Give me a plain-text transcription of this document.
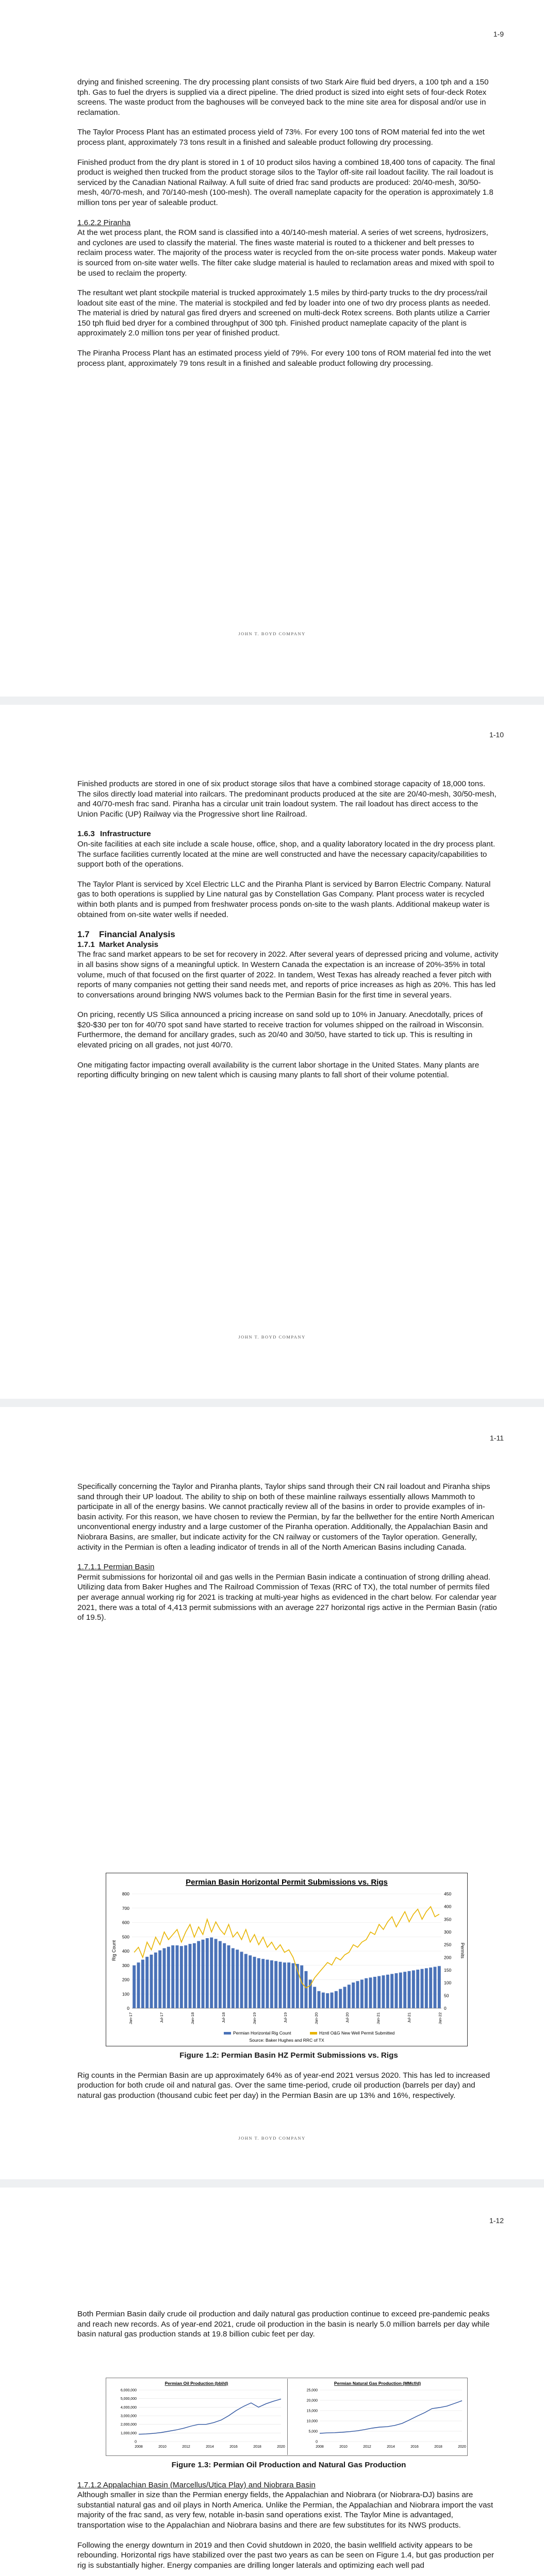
1-9

drying and finished screening. The dry processing plant consists of two Stark Aire fluid bed dryers, a 100 tph and a 150 tph. Gas to fuel the dryers is supplied via a direct pipeline. The dried product is sized into eight sets of four-deck Rotex screens. The waste product from the baghouses will be conveyed back to the mine site area for disposal and/or use in reclamation.

The Taylor Process Plant has an estimated process yield of 73%. For every 100 tons of ROM material fed into the wet process plant, approximately 73 tons result in a finished and saleable product following dry processing.

Finished product from the dry plant is stored in 1 of 10 product silos having a combined 18,400 tons of capacity. The final product is weighed then trucked from the product storage silos to the Taylor off-site rail loadout facility. The rail loadout is serviced by the Canadian National Railway. A full suite of dried frac sand products are produced: 20/40-mesh, 30/50-mesh, 40/70-mesh, and 70/140-mesh (100-mesh). The overall nameplate capacity for the operation is approximately 1.8 million tons per year of saleable product.

1.6.2.2 Piranha

At the wet process plant, the ROM sand is classified into a 40/140-mesh material. A series of wet screens, hydrosizers, and cyclones are used to classify the material. The fines waste material is routed to a thickener and belt presses to reclaim process water. The majority of the process water is recycled from the on-site process water ponds. Makeup water is sourced from on-site water wells. The filter cake sludge material is hauled to reclamation areas and mixed with spoil to be used to reclaim the property.

The resultant wet plant stockpile material is trucked approximately 1.5 miles by third-party trucks to the dry process/rail loadout site east of the mine. The material is stockpiled and fed by loader into one of two dry process plants as needed. The material is dried by natural gas fired dryers and screened on multi-deck Rotex screens. Both plants utilize a Carrier 150 tph fluid bed dryer for a combined throughput of 300 tph. Finished product nameplate capacity of the plant is approximately 2.0 million tons per year of finished product.

The Piranha Process Plant has an estimated process yield of 79%. For every 100 tons of ROM material fed into the wet process plant, approximately 79 tons result in a finished and saleable product following dry processing.

JOHN T. BOYD COMPANY
1-10

Finished products are stored in one of six product storage silos that have a combined storage capacity of 18,000 tons. The silos directly load material into railcars. The predominant products produced at the site are 20/40-mesh, 30/50-mesh, and 40/70-mesh frac sand. Piranha has a circular unit train loadout system. The rail loadout has direct access to the Union Pacific (UP) Railway via the Progressive short line Railroad.

1.6.3 Infrastructure

On-site facilities at each site include a scale house, office, shop, and a quality laboratory located in the dry process plant. The surface facilities currently located at the mine are well constructed and have the necessary capacity/capabilities to support both of the operations.

The Taylor Plant is serviced by Xcel Electric LLC and the Piranha Plant is serviced by Barron Electric Company. Natural gas to both operations is supplied by Line natural gas by Constellation Gas Company. Plant process water is recycled within both plants and is pumped from freshwater process ponds on-site to the wash plants. Additional makeup water is obtained from on-site water wells if needed.

1.7 Financial Analysis
1.7.1 Market Analysis

The frac sand market appears to be set for recovery in 2022. After several years of depressed pricing and volume, activity in all basins show signs of a meaningful uptick. In Western Canada the expectation is an increase of 20%-35% in total volume, much of that focused on the first quarter of 2022. In tandem, West Texas has already reached a fever pitch with reports of many companies not getting their sand needs met, and reports of price increases as high as 20%. This has led to conversations around bringing NWS volumes back to the Permian Basin for the first time in several years.

On pricing, recently US Silica announced a pricing increase on sand sold up to 10% in January. Anecdotally, prices of $20-$30 per ton for 40/70 spot sand have started to receive traction for volumes shipped on the railroad in Wisconsin. Furthermore, the demand for ancillary grades, such as 20/40 and 30/50, have started to tick up. This is resulting in elevated pricing on all grades, not just 40/70.

One mitigating factor impacting overall availability is the current labor shortage in the United States. Many plants are reporting difficulty bringing on new talent which is causing many plants to fall short of their volume potential.

JOHN T. BOYD COMPANY
1-11

Specifically concerning the Taylor and Piranha plants, Taylor ships sand through their CN rail loadout and Piranha ships sand through their UP loadout. The ability to ship on both of these mainline railways essentially allows Mammoth to participate in all of the energy basins. We cannot practically review all of the basins in order to provide examples of in-basin activity. For this reason, we have chosen to review the Permian, by far the bellwether for the entire North American unconventional energy industry and a large customer of the Piranha operation. Additionally, the Appalachian Basin and Niobrara Basins, are smaller, but indicate activity for the CN railway or customers of the Taylor operation. Generally, activity in the Permian is often a leading indicator of trends in all of the North American Basins including Canada.

1.7.1.1 Permian Basin

Permit submissions for horizontal oil and gas wells in the Permian Basin indicate a continuation of strong drilling ahead. Utilizing data from Baker Hughes and The Railroad Commission of Texas (RRC of TX), the total number of permits filed per average annual working rig for 2021 is tracking at multi-year highs as evidenced in the chart below. For calendar year 2021, there was a total of 4,413 permit submissions with an average 227 horizontal rigs active in the Permian Basin (ratio of 19.5).

Permian Basin Horizontal Permit Submissions vs. Rigs
Rig Count	Permits
0
100
200
300
400
500
600
700
800
0
50
100
150
200
250
300
350
400
450
Jan-17	Jul-17	Jan-18	Jul-18	Jan-19	Jul-19	Jan-20	Jul-20	Jan-21	Jul-21	Jan-22
Permian Horizontal Rig Count	Hzntl O&G New Well Permit Submitted
Source: Baker Hughes and RRC of TX

Figure 1.2: Permian Basin HZ Permit Submissions vs. Rigs

Rig counts in the Permian Basin are up approximately 64% as of year-end 2021 versus 2020. This has led to increased production for both crude oil and natural gas. Over the same time-period, crude oil production (barrels per day) and natural gas production (thousand cubic feet per day) in the Permian Basin are up 13% and 16%, respectively.

JOHN T. BOYD COMPANY
1-12

Both Permian Basin daily crude oil production and daily natural gas production continue to exceed pre-pandemic peaks and reach new records. As of year-end 2021, crude oil production in the basin is nearly 5.0 million barrels per day while basin natural gas production stands at 19.8 billion cubic feet per day.

Permian Oil Production (bbl/d)
6,000,000
5,000,000
4,000,000
3,000,000
2,000,000
1,000,000
0
2008	2010	2012	2014	2016	2018	2020
Permian Natural Gas Production (MMcf/d)
25,000
20,000
15,000
10,000
5,000
0
2008	2010	2012	2014	2016	2018	2020

Figure 1.3: Permian Oil Production and Natural Gas Production

1.7.1.2 Appalachian Basin (Marcellus/Utica Play) and Niobrara Basin

Although smaller in size than the Permian energy fields, the Appalachian and Niobrara (or Niobrara-DJ) basins are substantial natural gas and oil plays in North America. Unlike the Permian, the Appalachian and Niobrara import the vast majority of the frac sand, as very few, notable in-basin sand operations exist. The Taylor Mine is advantaged, transportation wise to the Appalachian and Niobrara basins and there are few substitutes for its NWS products.

Following the energy downturn in 2019 and then Covid shutdown in 2020, the basin wellfield activity appears to be rebounding. Horizontal rigs have stabilized over the past two years as can be seen on Figure 1.4, but gas production per rig is substantially higher. Energy companies are drilling longer laterals and optimizing each well pad
